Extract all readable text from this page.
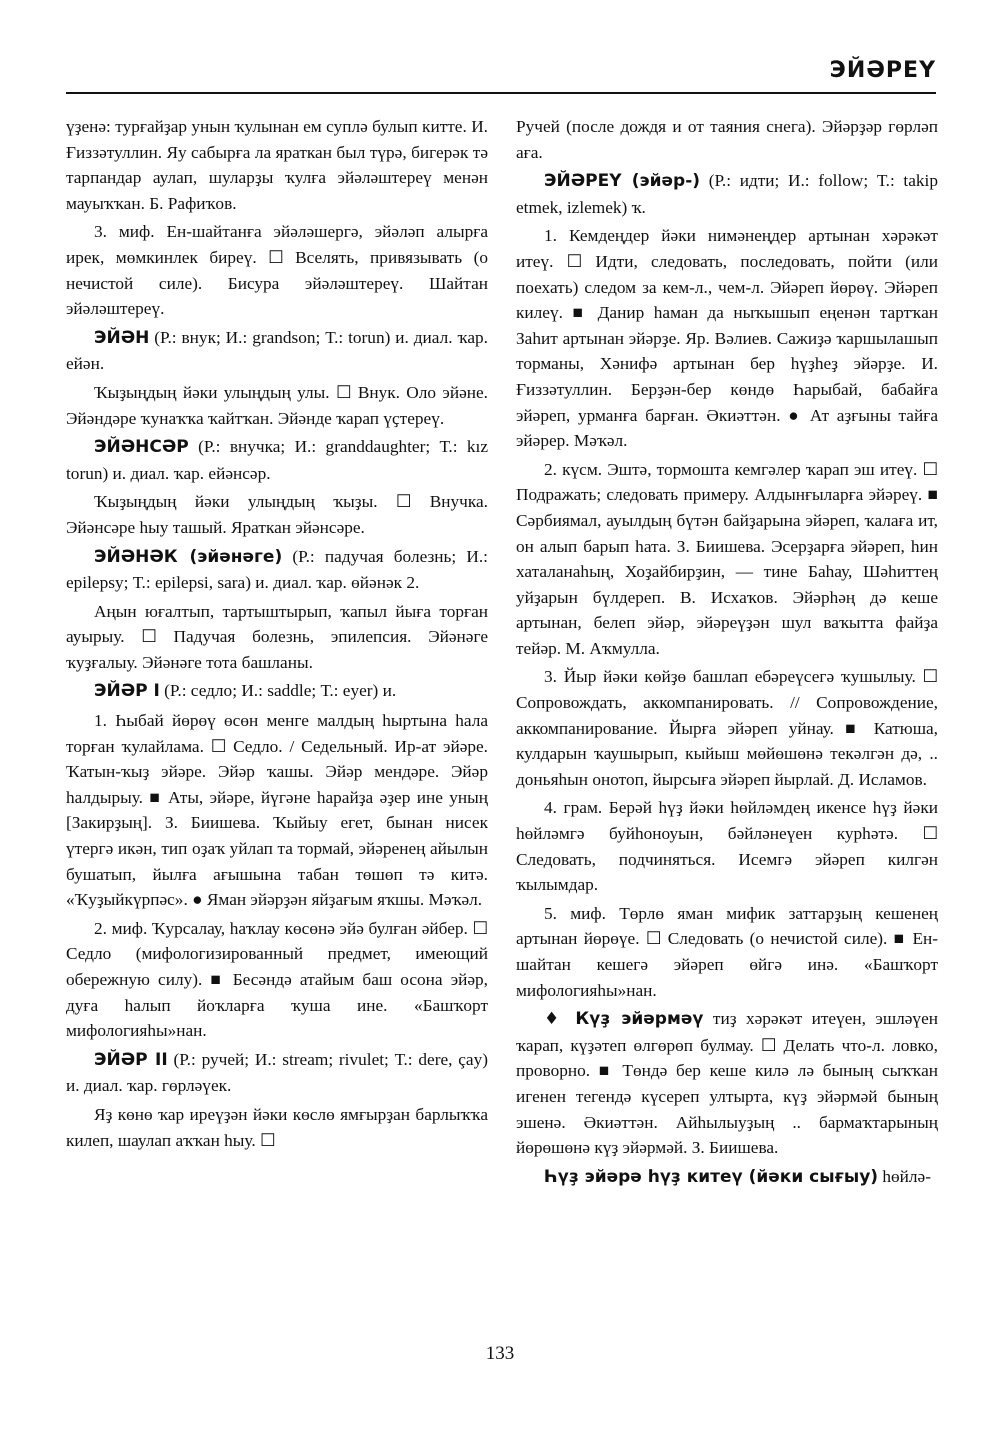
ЭЙӘРЕҮ

үҙенә: турғайҙар унын ҡулынан ем суплә булып китте. И. Ғиззәтуллин. Яу сабырға ла яраткан был түрә, бигерәк тә тарпандар аулап, шуларҙы ҡулға эйәләштереү менән мауыҡҡан. Б. Рафиҡов.

3. миф. Ен-шайтанға эйәләшергә, эйәләп алырға ирек, мөмкинлек биреү. ☐ Вселять, привязывать (о нечистой силе). Бисура эйәләштереү. Шайтан эйәләштереү.

ЭЙӘН (Р.: внук; И.: grandson; Т.: torun) и. диал. ҡар. ейән.

Ҡыҙыңдың йәки улыңдың улы. ☐ Внук. Оло эйәне. Эйәндәре ҡунаҡҡа ҡайтҡан. Эйәнде ҡарап үҫтереү.

ЭЙӘНСӘР (Р.: внучка; И.: granddaughter; Т.: kız torun) и. диал. ҡар. ейәнсәр.

Ҡыҙыңдың йәки улыңдың ҡыҙы. ☐ Внучка. Эйәнсәре һыу ташый. Яраткан эйәнсәре.

ЭЙӘНӘК (эйәнәге) (Р.: падучая болезнь; И.: epilepsy; Т.: epilepsi, sara) и. диал. ҡар. өйәнәк 2.

Аңын юғалтып, тартыштырып, ҡапыл йыға торған ауырыу. ☐ Падучая болезнь, эпилепсия. Эйәнәге ҡуҙғалыу. Эйәнәге тота башланы.

ЭЙӘР I (Р.: седло; И.: saddle; Т.: eyer) и.

1. Һыбай йөрөү өсөн менге малдың һыртына һала торған ҡулайлама. ☐ Седло. / Седельный. Ир-ат эйәре. Ҡатын-ҡыҙ эйәре. Эйәр ҡашы. Эйәр мендәре. Эйәр һалдырыу. ■ Аты, эйәре, йүгәне һарайҙа әҙер ине уның [Закирҙың]. З. Биишева. Ҡыйыу егет, бынан нисек үтергә икән, тип оҙаҡ уйлап та тормай, эйәренең айылын бушатып, йылға ағышына табан төшөп тә китә. «Ҡуҙыйкүрпәс». ● Яман эйәрҙән яйҙағым яҡшы. Мәҡәл.

2. миф. Ҡурсалау, һаҡлау көсөнә эйә булған әйбер. ☐ Седло (мифологизированный предмет, имеющий обережную силу). ■ Бесәндә атайым баш осона эйәр, дуға һалып йоҡларға ҡуша ине. «Башҡорт мифологияһы»нан.

ЭЙӘР II (Р.: ручей; И.: stream; rivulet; Т.: dere, çay) и. диал. ҡар. гөрләүек.

Яҙ көнө ҡар ирeүҙән йәки көслө ямғырҙан барлыҡҡа килеп, шаулап аҡҡан һыу. ☐

Ручей (после дождя и от таяния снега). Эйәрҙәр гөрләп аға.

ЭЙӘРЕҮ (эйәр-) (Р.: идти; И.: follow; Т.: takip etmek, izlemek) ҡ.

1. Кемдеңдер йәки нимәнеңдер артынан хәрәкәт итеү. ☐ Идти, следовать, последовать, пойти (или поехать) следом за кем-л., чем-л. Эйәреп йөрөү. Эйәреп килеү. ■ Данир һаман да ныҡышып еңенән тартҡан Заһит артынан эйәрҙе. Яр. Вәлиев. Сажиҙә ҡаршылашып торманы, Хәнифә артынан бер һүҙһеҙ эйәрҙе. И. Ғиззәтуллин. Берҙән-бер көндө Һарыбай, бабайға эйәреп, урманға барған. Әкиәттән. ● Ат аҙғыны тайға эйәрер. Мәҡәл.

2. күсм. Эштә, тормошта кемгәлер ҡарап эш итеү. ☐ Подражать; следовать примеру. Алдынғыларға эйәреү. ■ Сәрбиямал, ауылдың бүтән байҙарына эйәреп, ҡалаға ит, он алып барып һата. З. Биишева. Эсерҙарға эйәреп, һин хаталанаһың, Хоҙайбирҙин, — тине Баһау, Шәһиттең уйҙарын бүлдереп. В. Исхаҡов. Эйәрһәң дә кеше артынан, белеп эйәр, эйәреүҙән шул ваҡытта файҙа тейәр. М. Аҡмулла.

3. Йыр йәки көйҙө башлап ебәреүсегә ҡушылыу. ☐ Сопровождать, аккомпанировать. // Сопровождение, аккомпанирование. Йырға эйәреп уйнау. ■ Катюша, кулдарын ҡаушырып, кыйыш мөйөшөнә текәлгән дә, .. доньяһын онотоп, йырсыға эйәреп йырлай. Д. Исламов.

4. грам. Берәй һүҙ йәки һөйләмдең икенсе һүҙ йәки һөйләмгә буйһоноуын, бәйләнеүен курһәтә. ☐ Следовать, подчиняться. Исемгә эйәреп килгән ҡылымдар.

5. миф. Төрлө яман мифик заттарҙың кешенең артынан йөрөүе. ☐ Следовать (о нечистой силе). ■ Ен-шайтан кешегә эйәреп өйгә инә. «Башҡорт мифологияһы»нан.

♦ Күҙ эйәрмәү тиҙ хәрәкәт итеүен, эшләүен ҡарап, күҙәтеп өлгөрөп булмау. ☐ Делать что-л. ловко, проворно. ■ Төндә бер кеше килә лә бының сыҡҡан игенен тегендә күсереп ултырта, күҙ эйәрмәй бының эшенә. Әкиәттән. Айһылыуҙың .. бармаҡтарының йөрөшөнә күҙ эйәрмәй. З. Биишева.

Һүҙ эйәрә һүҙ китеү (йәки сығыу) һөйлә-

133
